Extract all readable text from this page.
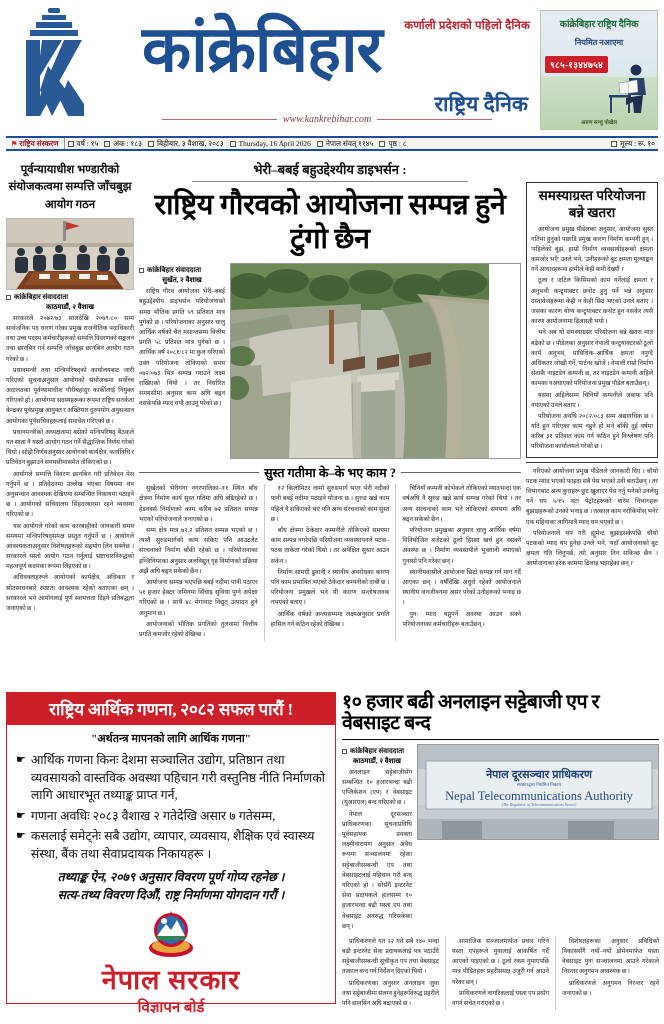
कर्णाली प्रदेशको पहिलो दैनिक
कांक्रेबिहार
राष्ट्रिय दैनिक
www.kankrebihar.com
कांक्रेबिहार राष्ट्रिय दैनिक
नियमित नआएमा
९८५-१३४४७५४
अरुण सन्चु पोखेल
⚑ राष्ट्रिय संस्करण वर्ष : १५ अंक : १८३ बिहीबार, ३ वैशाख, २०८३ Thursday, 16 April 2026 नेपाल संवत् ११४५ पृष्ठ : ८	मूल्य : रू. १०
पूर्वन्यायाधीश भण्डारीको संयोजकत्वमा सम्पत्ति जाँचबुझ आयोग गठन
कांक्रेबिहार संवाददाता
काठमाडौं, २ वैशाख

सरकारले २०७२/७३ सालदेखि २०७९/८० सम्म सार्वजनिक पद धारण गरेका प्रमुख राजनीतिक पदाधिकारी तथा उच्च पदस्थ कर्मचारीहरूको सम्पत्ति विवरणको सङ्कलन तथा छानबिन गर्न सम्पत्ति जाँचबुझ छानबिन आयोग गठन गरेको छ ।

प्रधानमन्त्री तथा मन्त्रिपरिषद्को कार्यालयबाट जारी गरिएको सूचनाअनुसार आयोगको संयोजकमा सर्वोच्च अदालतका पूर्वन्यायाधीश गौरीबहादुर कार्कीलाई नियुक्त गरिएको हो । आयोगमा सदस्यहरूका रूपमा राष्ट्रिय सतर्कता केन्द्रका पूर्वप्रमुख आयुक्त र अख्तियार दुरुपयोग अनुसन्धान आयोगका पूर्वसचिवहरूलाई समावेश गरिएको छ ।

प्रधानमन्त्रीको अध्यक्षतामा बसेको मन्त्रिपरिषद् बैठकले गत साता नै यस्तो आयोग गठन गर्ने सैद्धान्तिक निर्णय गरेको थियो । सोही निर्णयअनुसार आयोगको कार्यक्षेत्र, कार्यविधि र प्रतिवेदन बुझाउने समयसीमासमेत तोकिएको छ ।

आयोगले सम्पत्ति विवरण छानबिन गरी प्रतिवेदन पेस गर्नुपर्ने छ । प्रतिवेदनमा उल्लेख भएका विषयमा थप अनुसन्धान आवश्यक देखिएमा सम्बन्धित निकायमा पठाइने छ । आयोगको सचिवालय सिंहदरबारमा रहने व्यवस्था गरिएको छ ।

यस आयोगले गरेको काम कारबाहीको जानकारी समय समयमा मन्त्रिपरिषद्समक्ष प्रस्तुत गर्नुपर्ने छ । आयोगले आवश्यकताअनुसार विशेषज्ञहरूको सहयोग लिन सक्नेछ । सरकारले यस्तो आयोग गठन गर्नुलाई भ्रष्टाचारविरुद्धको महत्वपूर्ण कदमका रूपमा लिइएको छ ।

अधिवक्ताहरूले आयोगको कार्यक्षेत्र, अधिकार र स्रोतसाधनबारे स्पष्टता आवश्यक रहेको बताएका छन् । सरकारले भने आयोगलाई पूर्ण स्वायत्तता दिइने प्रतिबद्धता जनाएको छ ।

भेरी–बबई बहुउद्देश्यीय डाइभर्सन :
राष्ट्रिय गौरवको आयोजना सम्पन्न हुने टुंगो छैन
कांक्रेबिहार संवाददाता
सुर्खेत, २ वैशाख

राष्ट्रिय गौरव आयोजना भेरी–बबई बहुउद्देश्यीय डाइभर्सन परियोजनाको समग्र भौतिक प्रगति ५९ प्रतिशत मात्र पुगेको छ । परियोजनाका अनुसार चालु आर्थिक वर्षको चैत मसान्तसम्म वित्तीय प्रगति ५८ प्रतिशत मात्र पुगेको छ । आर्थिक वर्ष २०८१/८२ मा कुल गरिएको उक्त परियोजना तोकिएको समय ०७२/०७३ भित्र सम्पन्न गराउने लक्ष्य राखिएको थियो । तर निर्धारित समयसीमा अनुसार काम अघि बढ्न नसकेपछि म्याद थप्दै आउनु परेको छ ।

सुस्त गतीमा के–के भए काम ?

सुर्खेतको भेरीगंगा नगरपालिका–११ स्थित बाँध क्षेत्रमा निर्माण कार्य सुस्त गतिमा अघि बढिरहेको छ । हेडवर्क्स निर्माणको काम करिब ७२ प्रतिशत सम्पन्न भएको परियोजनाले जनाएको छ ।

सम्म क्षेत्र मात्र ७२.२ प्रतिशत सम्पन्न भएको छ । त्यस्तै सुरुङमार्गको काम सकिए पनि आउटलेट संरचनाको निर्माण बाँकी रहेको छ । परियोजनाका इन्जिनियरका अनुसार जलविद्युत् गृह निर्माणको प्रक्रिया अझै अघि बढ्न सकेको छैन ।

आयोजना सम्पन्न भएपछि बबई नदीमा पानी पठाएर ५१ हजार हेक्टर जमिनमा सिँचाइ सुविधा पुग्ने अपेक्षा गरिएको छ । साथै ४८ मेगावाट विद्युत् उत्पादन हुने अनुमान छ ।

आयोजनाको भौतिक प्रगतिको तुलनामा वित्तीय प्रगति कमजोर रहेको देखिन्छ ।

१२ किलोमिटर लामो सुरुङमार्ग भएर भेरी नदीको पानी बबई नदीमा पठाइने योजना छ । सुरुङ खन्ने काम पहिले नै सकिएको भए पनि अन्य संरचनाको काम सुस्त छ ।

बाँध क्षेत्रमा ठेकेदार कम्पनीले तोकिएको समयमा काम सम्पन्न नगरेपछि परियोजना व्यवस्थापनले पटक–पटक ताकेता गरेको थियो । तर अपेक्षित सुधार आउन सकेन ।

निर्माण सामग्री ढुवानी र स्थानीय अवरोधका कारण पनि काम प्रभावित भएको ठेकेदार कम्पनीको दाबी छ । परियोजना प्रमुखले भने यी कारण सन्तोषजनक नभएको बताए ।

आर्थिक वर्षको अन्त्यसम्ममा लक्ष्यअनुसार प्रगति हासिल गर्न कठिन रहेको देखिन्छ ।

चिनियाँ कम्पनी कोभेकले तोकिएको म्यादभन्दा एक वर्षअघि नै सुरुङ खन्ने कार्य सम्पन्न गरेको थियो । तर अन्य संरचनाको काम भने तोकिएको समयमा अघि बढ्न सकेको छैन ।

परियोजना प्रमुखका अनुसार चालु आर्थिक वर्षमा विनियोजित बजेटको ठूलो हिस्सा खर्च हुन नसक्ने अवस्था छ । निर्माण व्यवसायीले भुक्तानी नपाएको गुनासो पनि गरेका छन् ।

स्थानीयवासीले आयोजना छिटो सम्पन्न गर्न माग गर्दै आएका छन् । वर्षौंदेखि अधुरो रहेको आयोजनाले स्थानीय जनजीवनमा असर परेको उनीहरूको भनाइ छ ।

पुन: म्याद थप्नुपर्ने अवस्था आउन सक्ने परियोजनाका कर्मचारीहरू बताउँछन् ।

समस्याग्रस्त परियोजना बन्ने खतरा

आयोजना प्रमुख पौडेलका अनुसार, आयोजना सुस्त गतिमा हुनुको पछाडि प्रमुख कारण निर्माण कम्पनी हुन् । 'पहिलेको बुझ, हाम्रो निर्माण व्यवसायीहरूको क्षमता कमजोर भएँ' उनले भने, 'उनीहरूको बुट क्षमता मूल्याङ्कन गर्ने आधारहरूमा हामीले केही कमी देख्यौं ।'

ठूला र जटिल किसिमको काम गर्नेलाई क्षमता र अनुभवी कन्ट्र्याक्टर छनोट हुनु पर्ने भन्ने अनुसार दस्तावेजहरूमा केही न केही छिद्र भएको उनले बताए । जसका कारण योग्य कन्ट्र्याक्टर छनोट हुन नसकेर त्यसै कारण आयोजनामा ढिलास्ती भयो ।

भने अब यो समस्याग्रस्त परियोजना बन्ने खतरा मात्र बढेको छ । पौडेलका अनुसार नेपाली कन्ट्र्याक्टरको ठूलो कार्य अनुभव, प्राविधिक–आर्थिक क्षमता नपुग्दै अधिकतर जोखी गर्ने, पार्टनर खोजे । नेपाली राम्रो निर्माण सेवाकै नाइटडेन कम्पनी छ, तर नाइटडेन कम्पनी अहिले कामका नअघाएको परियोजना प्रमुख पौडेल बताउँछन् ।

यसमा अहिलेसम्म चिनियाँ कम्पनीले जबाफ पनि नपाएको उनले बताए ।

परियोजना अवधि २०८२/०८३ सम्म अद्यावधिक छ । यदि हुन गरिएका काम नहुने हो भने बाँकी दुई वर्षमा करिब ३१ प्रतिशत काम गर्न कठिन हुने विश्लेषण पनि परियोजना कार्यालयले गरेको छ ।

गरिएको आयोजना प्रमुख पौडेलले जानकारी दिए । चौथो पटक म्याद भएको फाइदा सबै पेस भएको उनी बताउँछन् । तर विभागबाट अन्य कुराहरू छुट खुलाएर पेस गर्नु भनेको उनलेसु गर्ने थप ५/१५ वटा पेट्रोटहरूको बारेम विभागहरू बुझाइहरूको उनको भनाइ छ । तत्काल काम नरोकियोस् भनेर एक महिनाका लागिमात्रै म्याद थप भएको छ ।

परियोजनाले थप गरी ह्युमेन्ट बुझाइसकेपछि चौथो पटकको म्याद थप हुनेछ उनले भने, 'यदाँ आयोजनाको बुट क्षमता गति लिनुपर्छ, त्यो अनुसार तिन सकिन्छ छैन । आयोजनाका हरेक काममा ढिलाइ भइरहेका छन् ।'

राष्ट्रिय आर्थिक गणना, २०८२ सफल पारौं !
"अर्थतन्त्र मापनको लागि आर्थिक गणना"
☛ आर्थिक गणना किनः देशमा सञ्चालित उद्योग, प्रतिष्ठान तथा व्यवसायको वास्तविक अवस्था पहिचान गरी वस्तुनिष्ठ नीति निर्माणको लागि आधारभूत तथ्याङ्क प्राप्त गर्न,
☛ गणना अवधिः २०८३ वैशाख २ गतेदेखि असार ७ गतेसम्म,
☛ कसलाई समेट्नेः सबै उद्योग, व्यापार, व्यवसाय, शैक्षिक एवं स्वास्थ्य संस्था, बैंक तथा सेवाप्रदायक निकायहरू ।
तथ्याङ्क ऐन, २०७९ अनुसार विवरण पूर्ण गोप्य रहनेछ ।
सत्य-तथ्य विवरण दिऔं, राष्ट्र निर्माणमा योगदान गरौं ।
नेपाल सरकार
विज्ञापन बोर्ड
१० हजार बढी अनलाइन सट्टेबाजी एप र वेबसाइट बन्द
कांक्रेबिहार संवाददाता
काठमाडौं, २ वैशाख

अनलाइन सट्टेबाजीसँग सम्बन्धित १० हजारभन्दा बढी एप्लिकेशन (एप) र वेबसाइट (युआरएल) बन्द गरिएको छ ।

नेपाल दूरसञ्चार प्राधिकरणका सूचनाप्रविधि पूर्वसहायक प्रवक्ता लक्ष्मीनारायण अनुसार अवैध रूपमा सञ्चालनमा रहेका सट्टेबाजीसम्बन्धी एप तथा वेबसाइटलाई पहिचान गरी बन्द गरिएको हो । सोसँगै इन्टरनेट सेवा प्रदायकले हालसम्म १० हजारभन्दा बढी यस्ता एप तथा वेबसाइट अवरुद्ध गरिसकेका छन् ।

नेपाल दूरसञ्चार प्राधिकरण
सरकारद्वारा नियमित निकाय
Nepal Telecommunications Authority
(The Regulator of Telecommunications Sector)

प्राधिकरणले गत २२ गते सबै १४० भन्दा बढी इन्टरनेट सेवा प्रदायकलाई पत्र पठाउँदै सट्टेबाजीसम्बन्धी सूचीकृत एप तथा वेबसाइट तत्काल बन्द गर्न निर्देशन दिएको थियो ।

प्राधिकरणका अनुसार अनलाइन जुवा तथा सट्टेबाजीमा संलग्न हुनेहरूविरुद्ध प्रहरीले पनि छानबिन अघि बढाएको छ ।

सामाजिक सञ्जालमार्फत प्रचार गरिने यस्ता एपहरूले युवालाई आकर्षित गर्दै आएको पाइएको छ । ठूलो रकम गुमाएपछि मात्र पीडितहरू प्रहरीसमक्ष उजुरी गर्न आउने गरेका छन् ।

प्राधिकरणले नागरिकलाई यस्ता एप प्रयोग नगर्न सचेत गराएको छ ।

विशेषज्ञहरूका अनुसार प्रविधिको विकाससँगै नयाँ–नयाँ डोमेनमार्फत यस्ता वेबसाइट पुनः सञ्चालनमा आउने गरेकाले निरन्तर अनुगमन आवश्यक छ ।

प्राधिकरणले अनुगमन निरन्तर रहने जनाएको छ ।
